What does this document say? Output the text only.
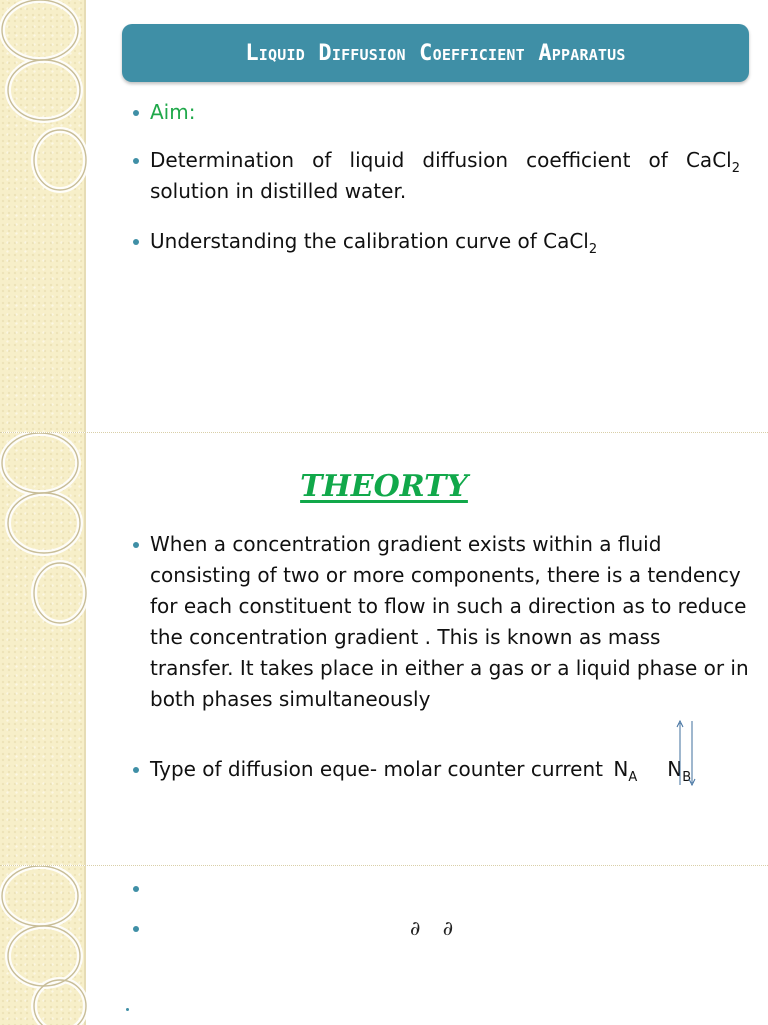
Liquid Diffusion Coefficient Apparatus
Aim:
Determination of liquid diffusion coefficient of CaCl$_2$ solution in distilled water.
Understanding the calibration curve of CaCl$_2$
THEORTY
When a concentration gradient exists within a fluid consisting of two or more components, there is a tendency for each constituent to flow in such a direction as to reduce the concentration gradient . This is known as mass transfer. It takes place in either a gas or a liquid phase or in both phases simultaneously
Type of diffusion eque- molar counter current $N_A$ $N_B$
∂ ∂
